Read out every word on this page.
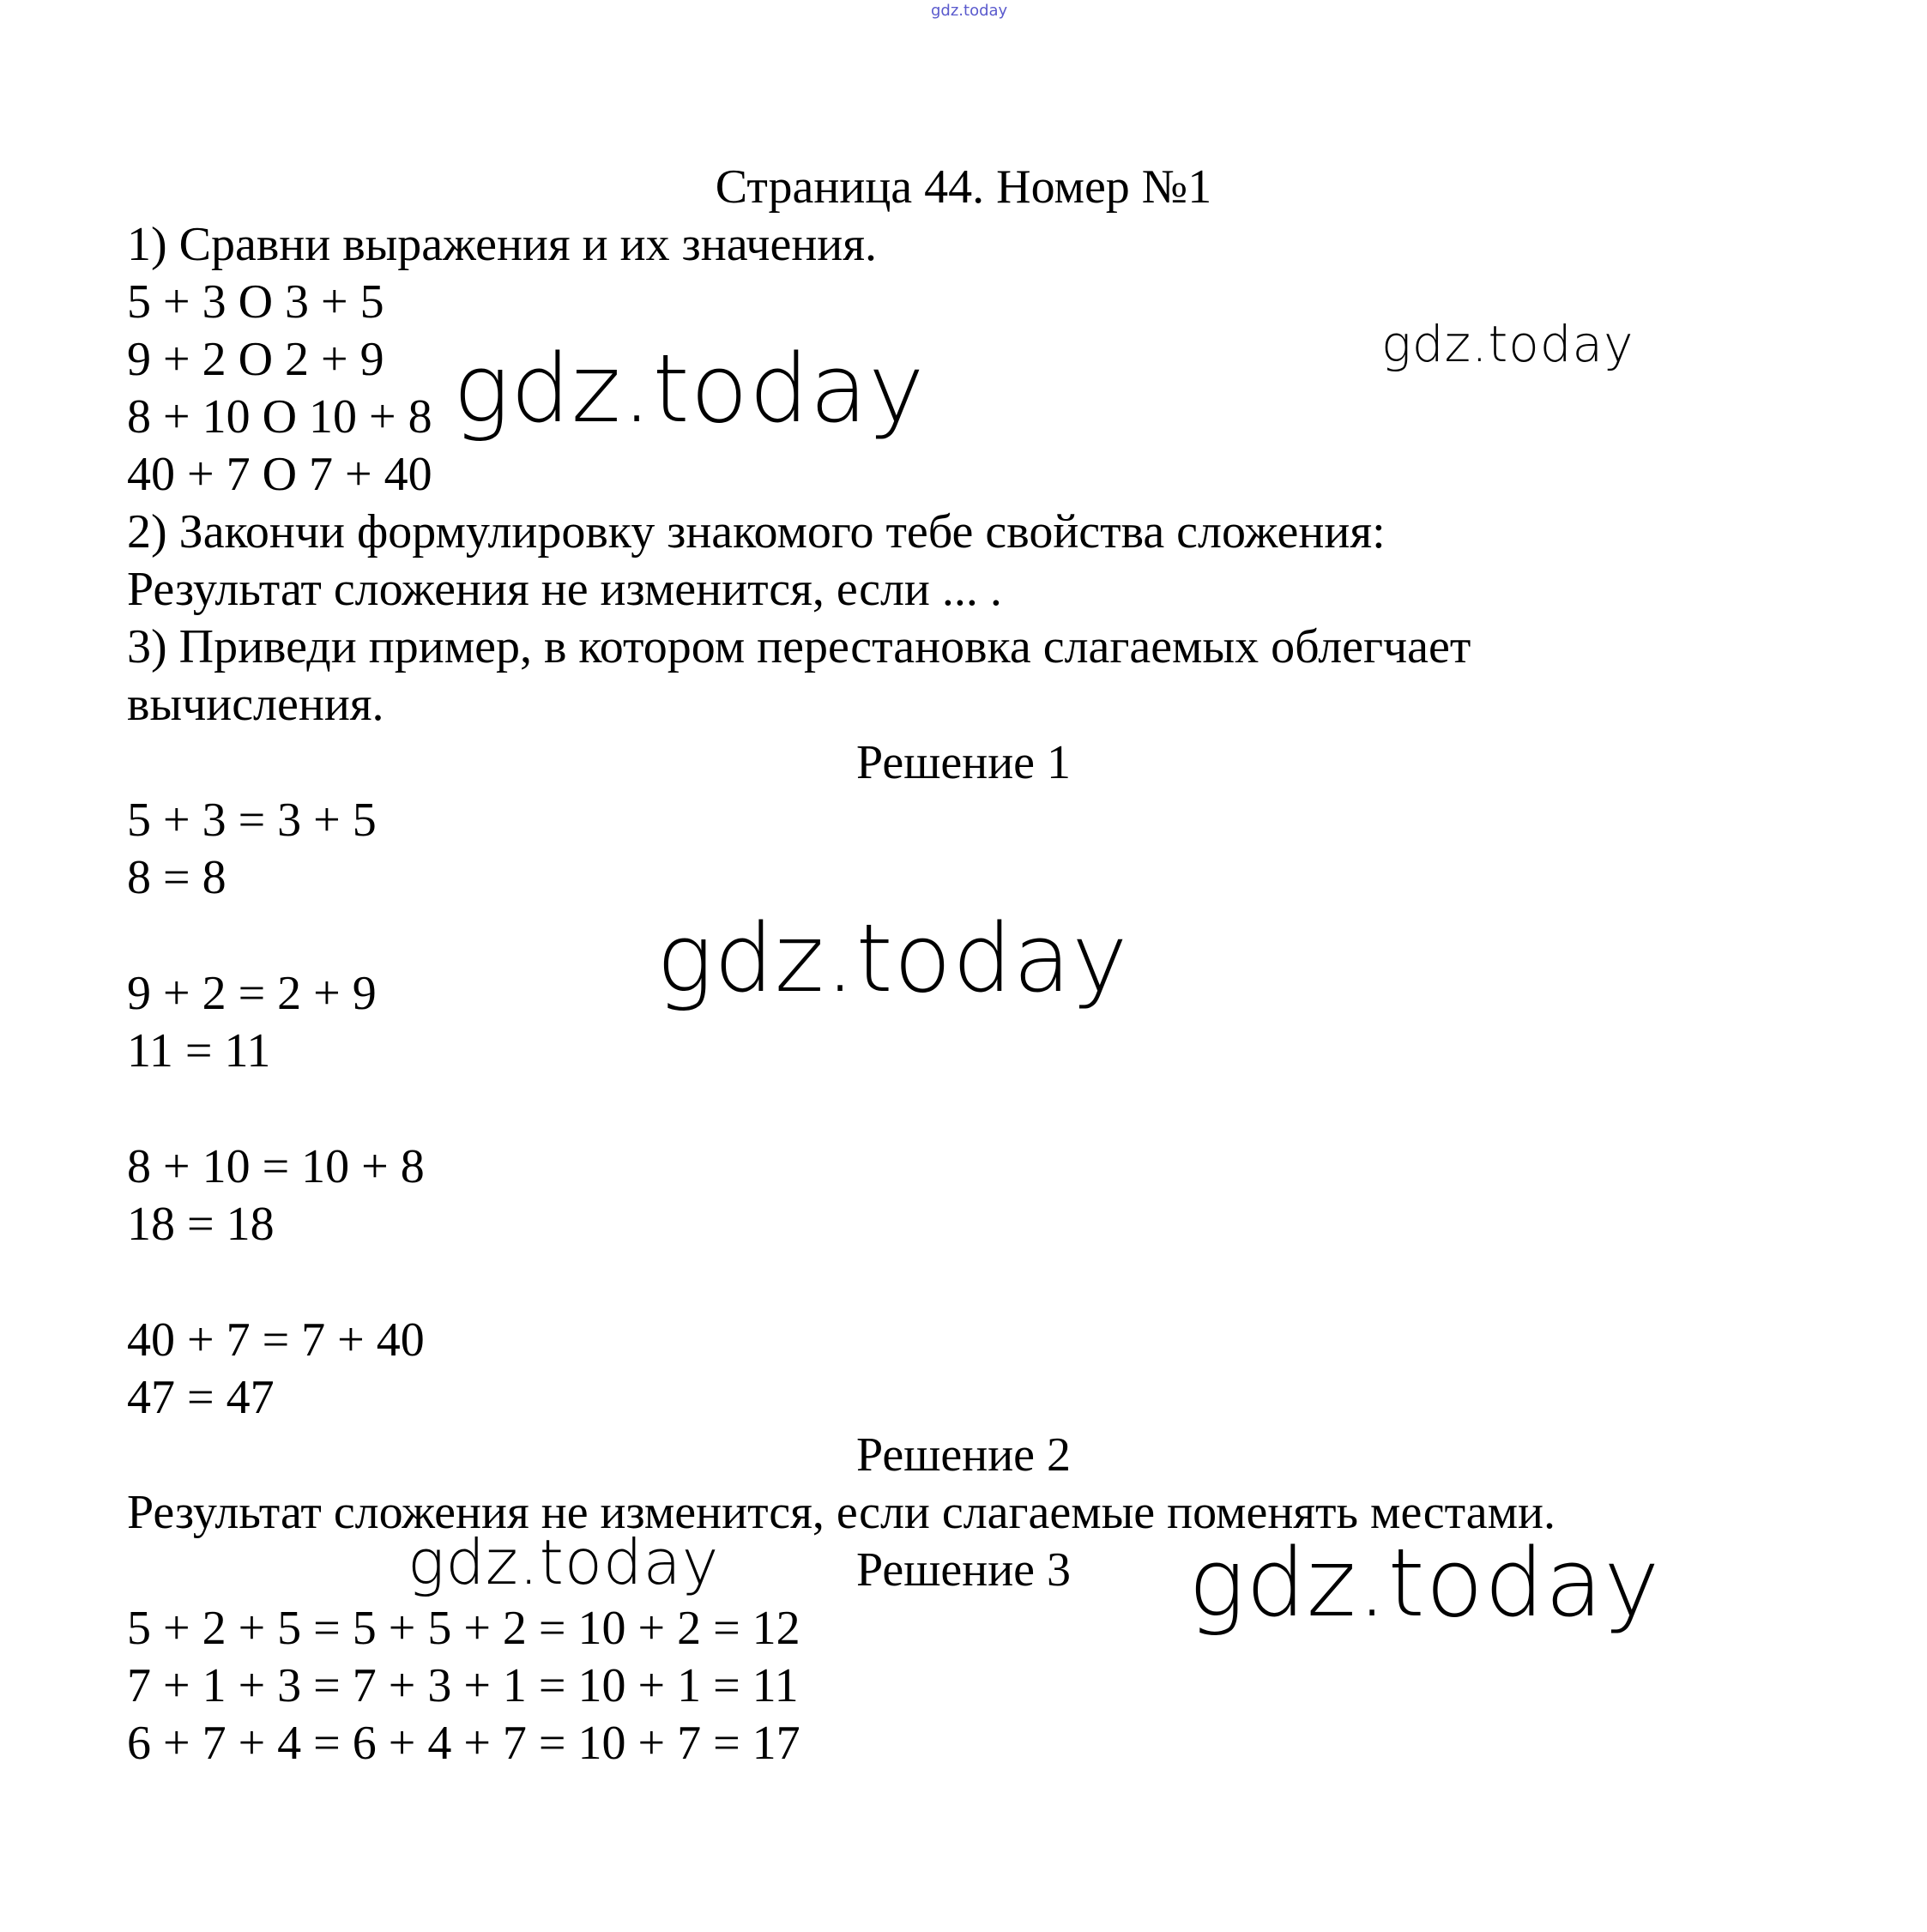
gdz.today
gdz.today
gdz.today
gdz.today
gdz.today	gdz.today
Страница 44. Номер №1

1) Сравни выражения и их значения.

5 + 3 O 3 + 5

9 + 2 O 2 + 9

8 + 10 O 10 + 8

40 + 7 O 7 + 40

2) Закончи формулировку знакомого тебе свойства сложения:

Результат сложения не изменится, если ... .

3) Приведи пример, в котором перестановка слагаемых облегчает

вычисления.

Решение 1

5 + 3 = 3 + 5

8 = 8

9 + 2 = 2 + 9

11 = 11

8 + 10 = 10 + 8

18 = 18

40 + 7 = 7 + 40

47 = 47

Решение 2

Результат сложения не изменится, если слагаемые поменять местами.

Решение 3

5 + 2 + 5 = 5 + 5 + 2 = 10 + 2 = 12

7 + 1 + 3 = 7 + 3 + 1 = 10 + 1 = 11

6 + 7 + 4 = 6 + 4 + 7 = 10 + 7 = 17
